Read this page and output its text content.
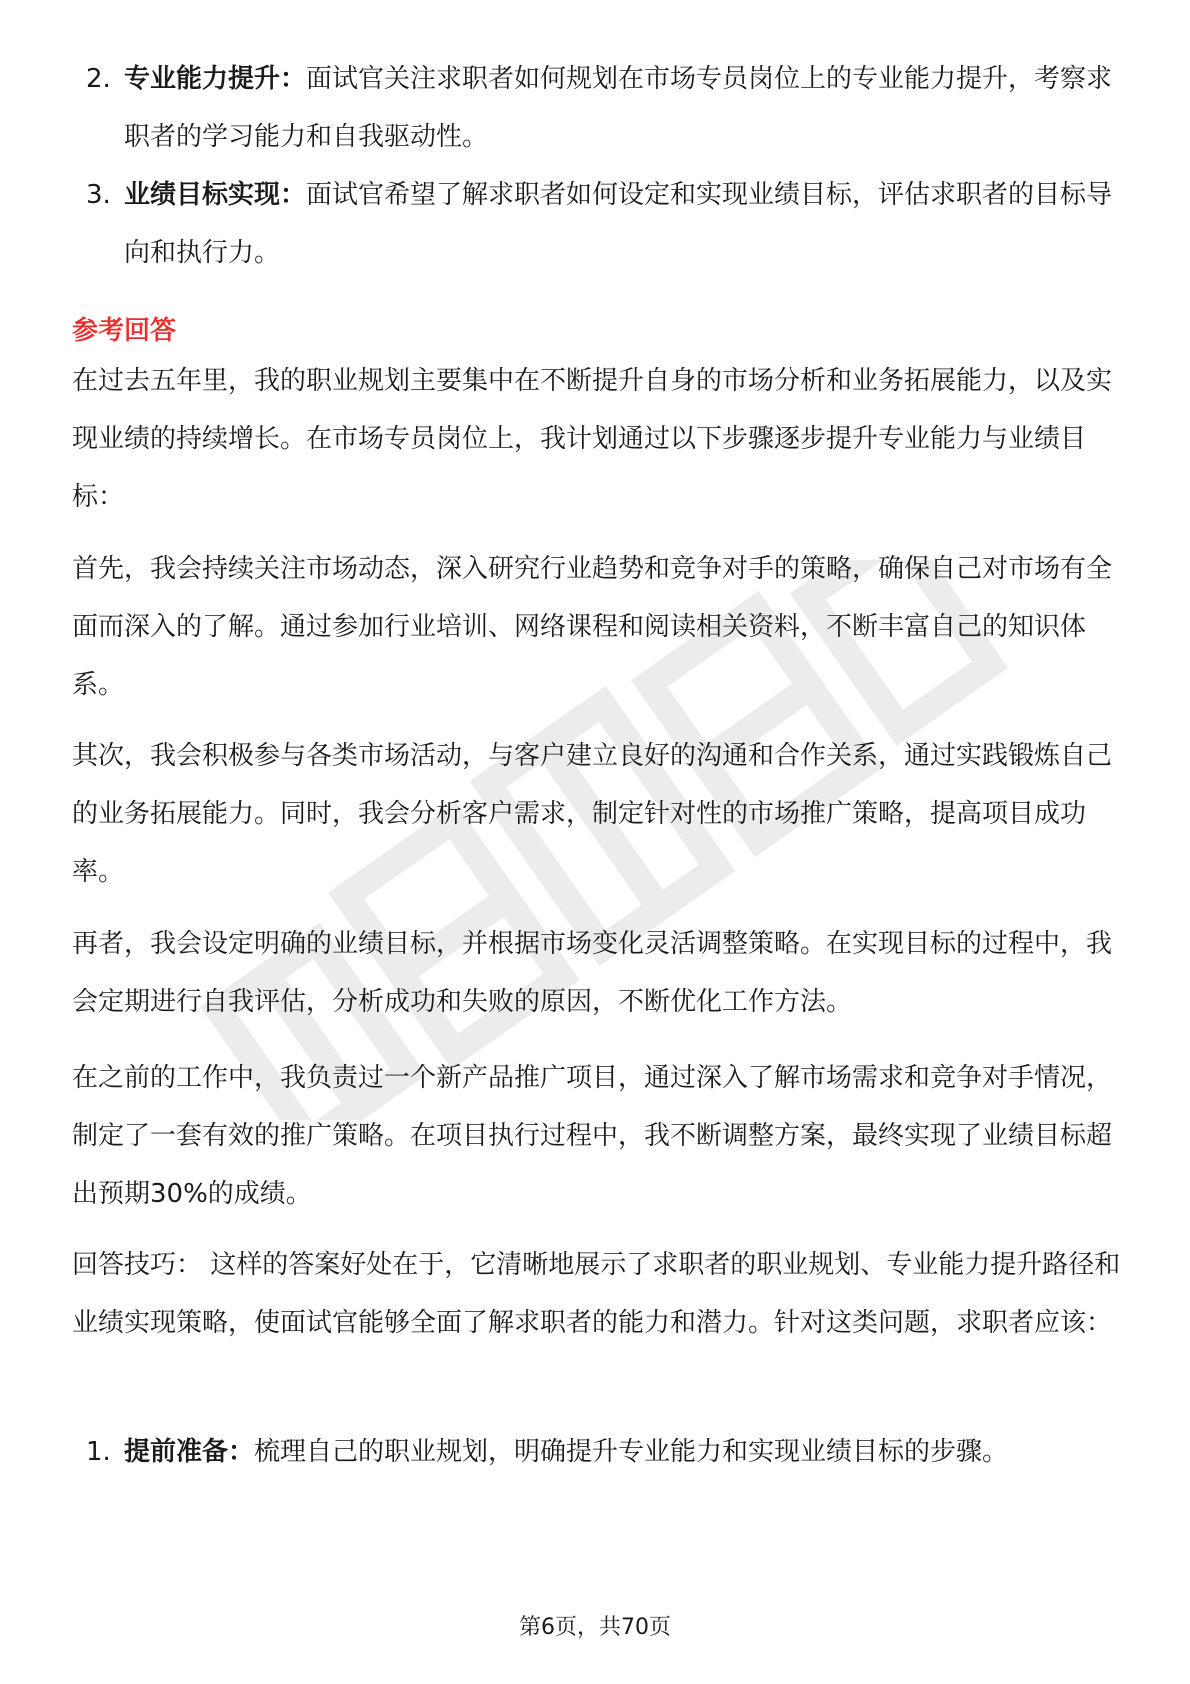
2. 专业能力提升：面试官关注求职者如何规划在市场专员岗位上的专业能力提升，考察求职者的学习能力和自我驱动性。
3. 业绩目标实现：面试官希望了解求职者如何设定和实现业绩目标，评估求职者的目标导向和执行力。
参考回答

在过去五年里，我的职业规划主要集中在不断提升自身的市场分析和业务拓展能力，以及实现业绩的持续增长。在市场专员岗位上，我计划通过以下步骤逐步提升专业能力与业绩目标：

首先，我会持续关注市场动态，深入研究行业趋势和竞争对手的策略，确保自己对市场有全面而深入的了解。通过参加行业培训、网络课程和阅读相关资料，不断丰富自己的知识体系。

其次，我会积极参与各类市场活动，与客户建立良好的沟通和合作关系，通过实践锻炼自己的业务拓展能力。同时，我会分析客户需求，制定针对性的市场推广策略，提高项目成功率。

再者，我会设定明确的业绩目标，并根据市场变化灵活调整策略。在实现目标的过程中，我会定期进行自我评估，分析成功和失败的原因，不断优化工作方法。

在之前的工作中，我负责过一个新产品推广项目，通过深入了解市场需求和竞争对手情况，制定了一套有效的推广策略。在项目执行过程中，我不断调整方案，最终实现了业绩目标超出预期30%的成绩。

回答技巧： 这样的答案好处在于，它清晰地展示了求职者的职业规划、专业能力提升路径和业绩实现策略，使面试官能够全面了解求职者的能力和潜力。针对这类问题，求职者应该：

1. 提前准备：梳理自己的职业规划，明确提升专业能力和实现业绩目标的步骤。
第6页，共70页
